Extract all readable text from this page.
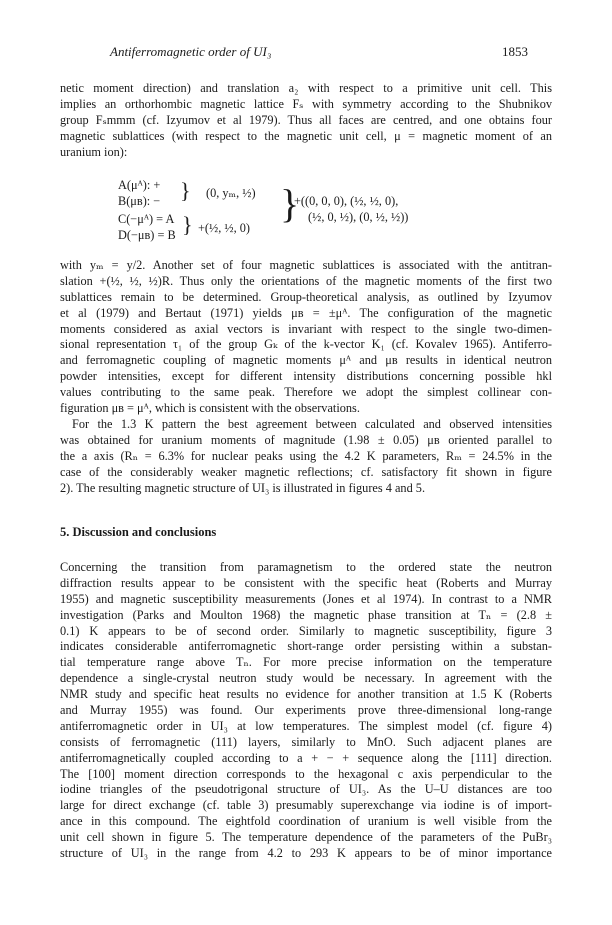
Antiferromagnetic order of UI₃	1853
netic moment direction) and translation a₂ with respect to a primitive unit cell. This
implies an orthorhombic magnetic lattice Fₛ with symmetry according to the Shubnikov
group Fₛmmm (cf. Izyumov et al 1979). Thus all faces are centred, and one obtains four
magnetic sublattices (with respect to the magnetic unit cell, μ = magnetic moment of an
uranium ion):
A(μᴬ): +
B(μʙ): − }
C(−μᴬ) = A
D(−μʙ) = B }
(0, yₘ, ½)
+(½, ½, 0)
}
+((0, 0, 0), (½, ½, 0),
(½, 0, ½), (0, ½, ½))
with yₘ = y/2. Another set of four magnetic sublattices is associated with the antitran-
slation +(½, ½, ½)R. Thus only the orientations of the magnetic moments of the first two
sublattices remain to be determined. Group-theoretical analysis, as outlined by Izyumov
et al (1979) and Bertaut (1971) yields μʙ = ±μᴬ. The configuration of the magnetic
moments considered as axial vectors is invariant with respect to the single two-dimen-
sional representation τ₁ of the group Gₖ of the k-vector K₁ (cf. Kovalev 1965). Antiferro-
and ferromagnetic coupling of magnetic moments μᴬ and μʙ results in identical neutron
powder intensities, except for different intensity distributions concerning possible hkl
values contributing to the same peak. Therefore we adopt the simplest collinear con-
figuration μʙ = μᴬ, which is consistent with the observations.
For the 1.3 K pattern the best agreement between calculated and observed intensities
was obtained for uranium moments of magnitude (1.98 ± 0.05) μʙ oriented parallel to
the a axis (Rₙ = 6.3% for nuclear peaks using the 4.2 K parameters, Rₘ = 24.5% in the
case of the considerably weaker magnetic reflections; cf. satisfactory fit shown in figure
2). The resulting magnetic structure of UI₃ is illustrated in figures 4 and 5.
5. Discussion and conclusions
Concerning the transition from paramagnetism to the ordered state the neutron
diffraction results appear to be consistent with the specific heat (Roberts and Murray
1955) and magnetic susceptibility measurements (Jones et al 1974). In contrast to a NMR
investigation (Parks and Moulton 1968) the magnetic phase transition at Tₙ = (2.8 ±
0.1) K appears to be of second order. Similarly to magnetic susceptibility, figure 3
indicates considerable antiferromagnetic short-range order persisting within a substan-
tial temperature range above Tₙ. For more precise information on the temperature
dependence a single-crystal neutron study would be necessary. In agreement with the
NMR study and specific heat results no evidence for another transition at 1.5 K (Roberts
and Murray 1955) was found. Our experiments prove three-dimensional long-range
antiferromagnetic order in UI₃ at low temperatures. The simplest model (cf. figure 4)
consists of ferromagnetic (111) layers, similarly to MnO. Such adjacent planes are
antiferromagnetically coupled according to a + − + sequence along the [111] direction.
The [100] moment direction corresponds to the hexagonal c axis perpendicular to the
iodine triangles of the pseudotrigonal structure of UI₃. As the U–U distances are too
large for direct exchange (cf. table 3) presumably superexchange via iodine is of import-
ance in this compound. The eightfold coordination of uranium is well visible from the
unit cell shown in figure 5. The temperature dependence of the parameters of the PuBr₃
structure of UI₃ in the range from 4.2 to 293 K appears to be of minor importance
